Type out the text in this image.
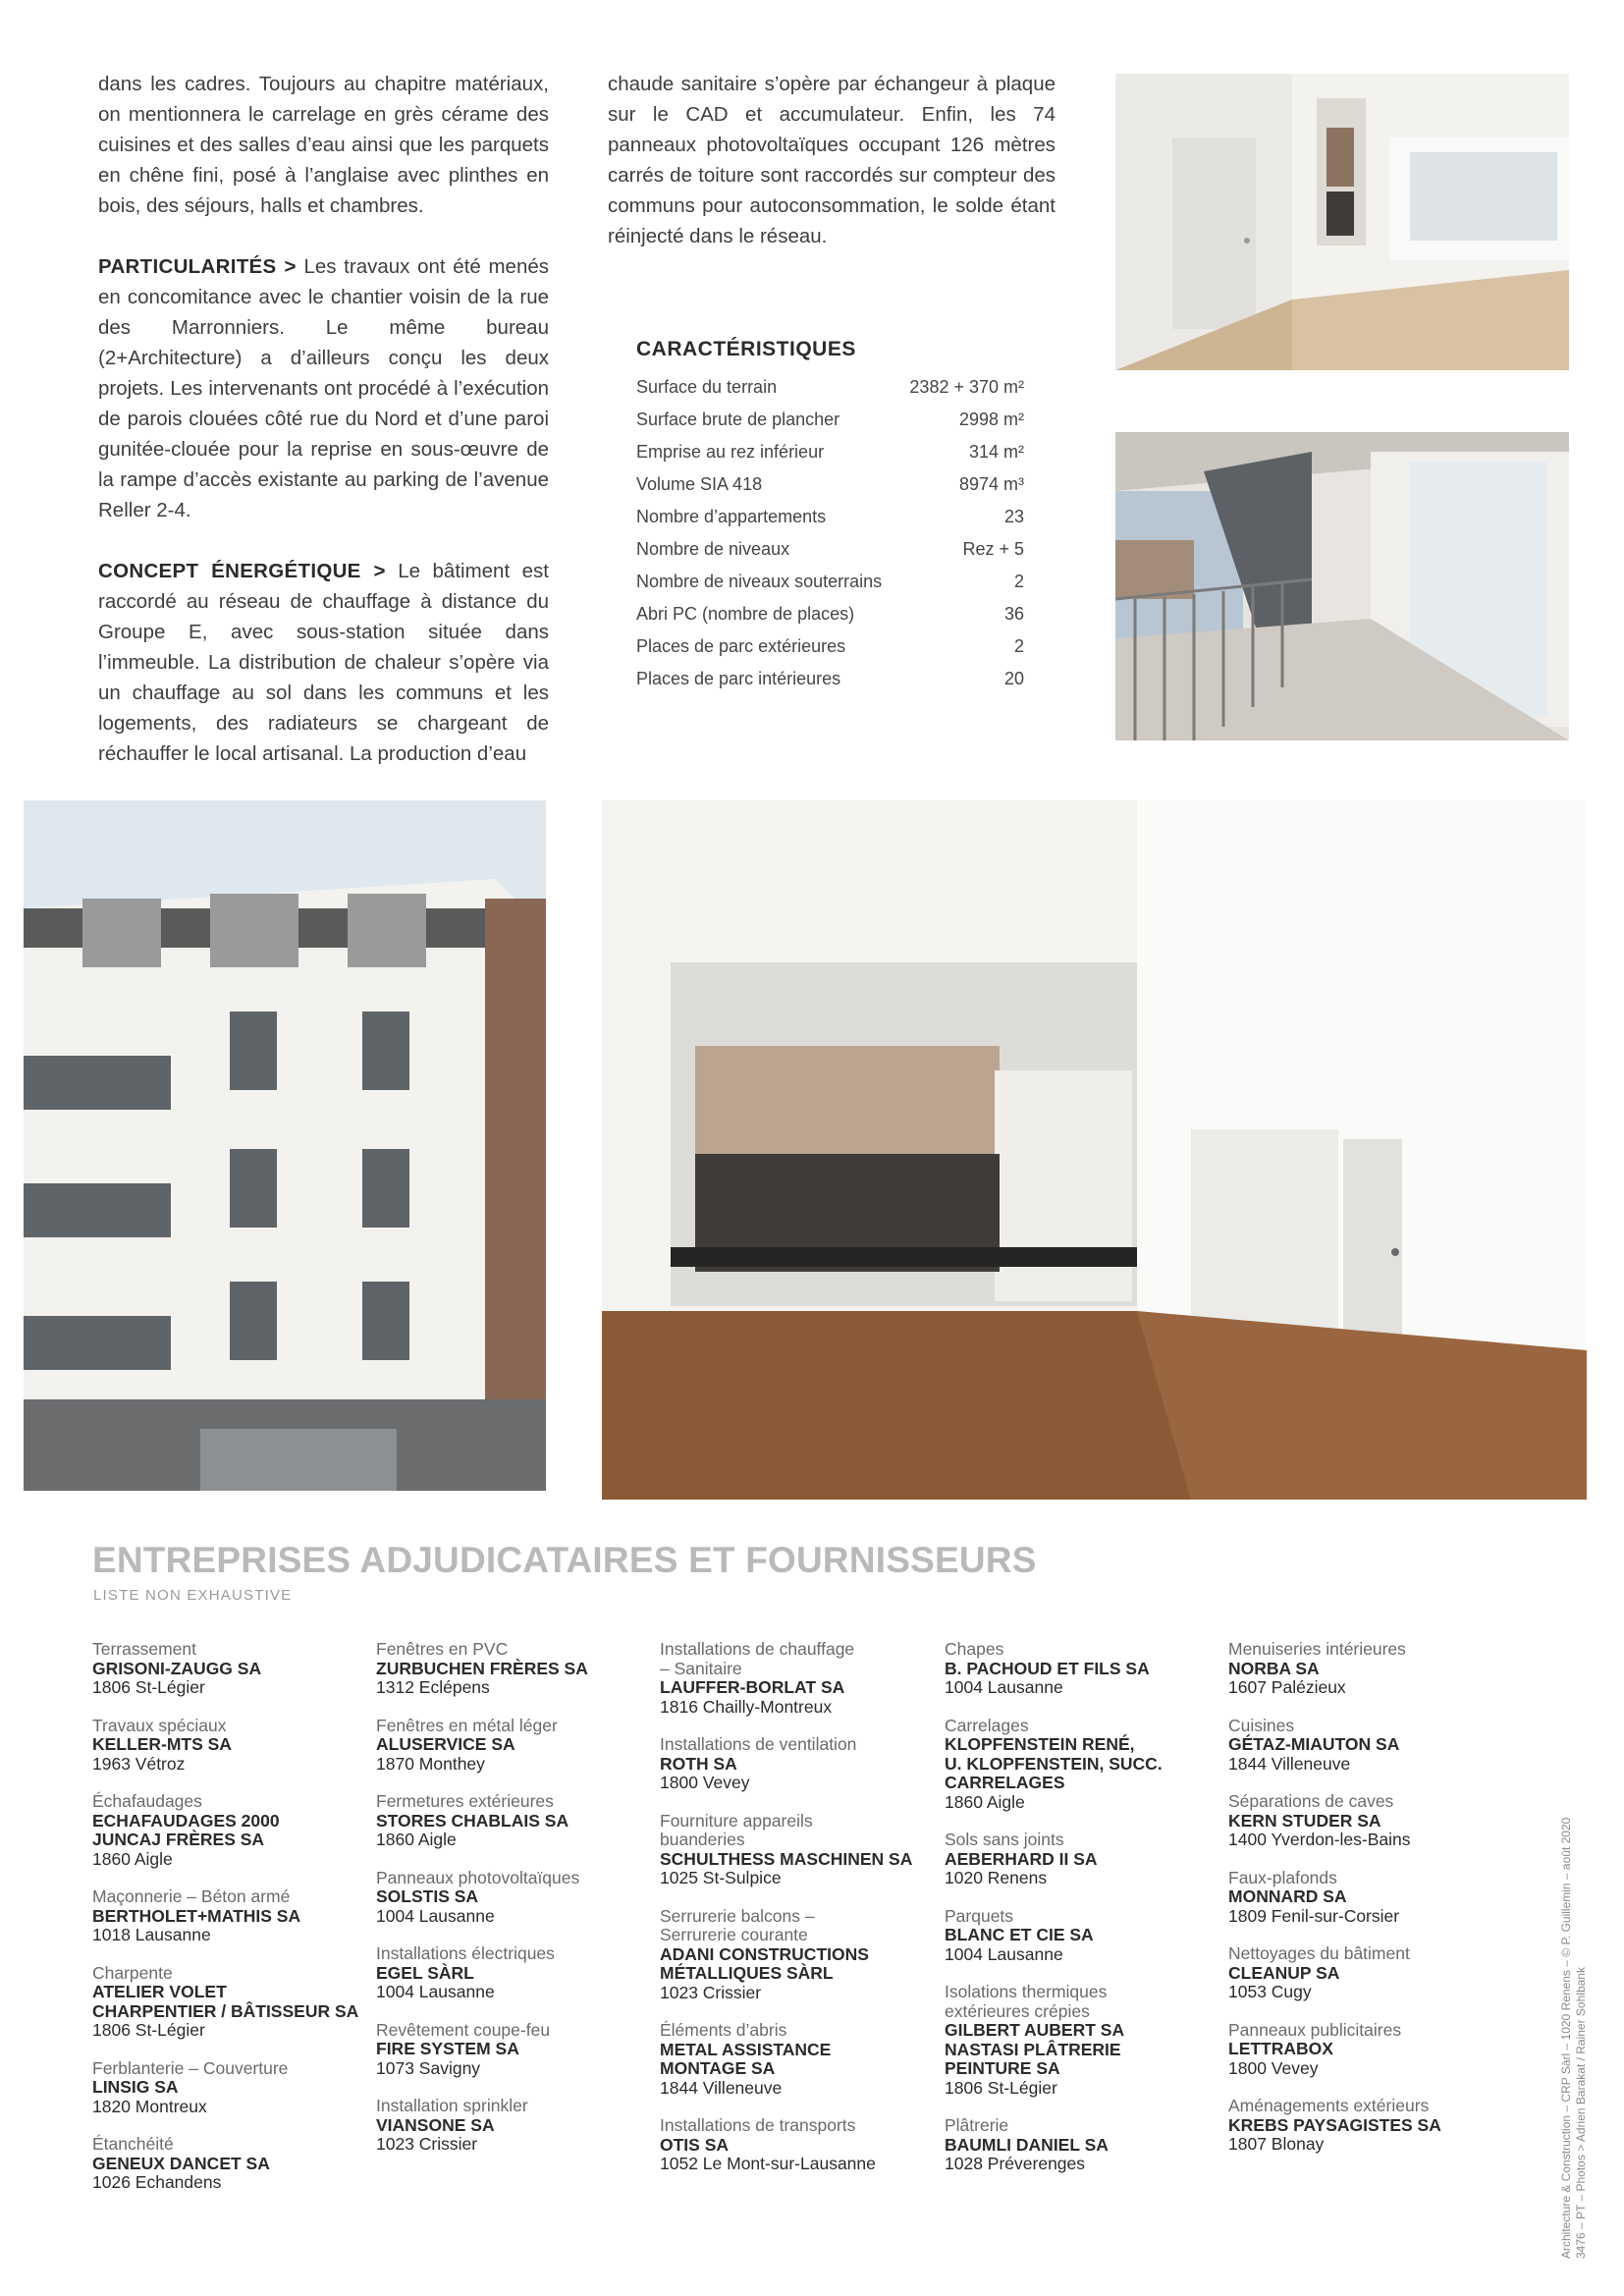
dans les cadres. Toujours au chapitre matériaux, on mentionnera le carrelage en grès cérame des cuisines et des salles d’eau ainsi que les parquets en chêne fini, posé à l’anglaise avec plinthes en bois, des séjours, halls et chambres.

PARTICULARITÉS > Les travaux ont été menés en concomitance avec le chantier voisin de la rue des Marronniers. Le même bureau (2+Architecture) a d’ailleurs conçu les deux projets. Les intervenants ont procédé à l’exécution de parois clouées côté rue du Nord et d’une paroi gunitée-clouée pour la reprise en sous-œuvre de la rampe d’accès existante au parking de l’avenue Reller 2-4.

CONCEPT ÉNERGÉTIQUE > Le bâtiment est raccordé au réseau de chauffage à distance du Groupe E, avec sous-station située dans l’immeuble. La distribution de chaleur s’opère via un chauffage au sol dans les communs et les logements, des radiateurs se chargeant de réchauffer le local artisanal. La production d’eau

chaude sanitaire s’opère par échangeur à plaque sur le CAD et accumulateur. Enfin, les 74 panneaux photovoltaïques occupant 126 mètres carrés de toiture sont raccordés sur compteur des communs pour autoconsommation, le solde étant réinjecté dans le réseau.

CARACTÉRISTIQUES
Surface du terrain	2382 + 370 m²
Surface brute de plancher	2998 m²
Emprise au rez inférieur	314 m²
Volume SIA 418	8974 m³
Nombre d’appartements	23
Nombre de niveaux	Rez + 5
Nombre de niveaux souterrains	2
Abri PC (nombre de places)	36
Places de parc extérieures	2
Places de parc intérieures	20
ENTREPRISES ADJUDICATAIRES ET FOURNISSEURS
LISTE NON EXHAUSTIVE
Terrassement
GRISONI-ZAUGG SA
1806 St-Légier
Travaux spéciaux
KELLER-MTS SA
1963 Vétroz
Échafaudages
ECHAFAUDAGES 2000
JUNCAJ FRÈRES SA
1860 Aigle
Maçonnerie – Béton armé
BERTHOLET+MATHIS SA
1018 Lausanne
Charpente
ATELIER VOLET
CHARPENTIER / BÂTISSEUR SA
1806 St-Légier
Ferblanterie – Couverture
LINSIG SA
1820 Montreux
Étanchéité
GENEUX DANCET SA
1026 Echandens
Fenêtres en PVC
ZURBUCHEN FRÈRES SA
1312 Eclépens
Fenêtres en métal léger
ALUSERVICE SA
1870 Monthey
Fermetures extérieures
STORES CHABLAIS SA
1860 Aigle
Panneaux photovoltaïques
SOLSTIS SA
1004 Lausanne
Installations électriques
EGEL SÀRL
1004 Lausanne
Revêtement coupe-feu
FIRE SYSTEM SA
1073 Savigny
Installation sprinkler
VIANSONE SA
1023 Crissier
Installations de chauffage
– Sanitaire
LAUFFER-BORLAT SA
1816 Chailly-Montreux
Installations de ventilation
ROTH SA
1800 Vevey
Fourniture appareils
buanderies
SCHULTHESS MASCHINEN SA
1025 St-Sulpice
Serrurerie balcons –
Serrurerie courante
ADANI CONSTRUCTIONS
MÉTALLIQUES SÀRL
1023 Crissier
Éléments d’abris
METAL ASSISTANCE
MONTAGE SA
1844 Villeneuve
Installations de transports
OTIS SA
1052 Le Mont-sur-Lausanne
Chapes
B. PACHOUD ET FILS SA
1004 Lausanne
Carrelages
KLOPFENSTEIN RENÉ,
U. KLOPFENSTEIN, SUCC.
CARRELAGES
1860 Aigle
Sols sans joints
AEBERHARD II SA
1020 Renens
Parquets
BLANC ET CIE SA
1004 Lausanne
Isolations thermiques
extérieures crépies
GILBERT AUBERT SA
NASTASI PLÂTRERIE
PEINTURE SA
1806 St-Légier
Plâtrerie
BAUMLI DANIEL SA
1028 Préverenges
Menuiseries intérieures
NORBA SA
1607 Palézieux
Cuisines
GÉTAZ-MIAUTON SA
1844 Villeneuve
Séparations de caves
KERN STUDER SA
1400 Yverdon-les-Bains
Faux-plafonds
MONNARD SA
1809 Fenil-sur-Corsier
Nettoyages du bâtiment
CLEANUP SA
1053 Cugy
Panneaux publicitaires
LETTRABOX
1800 Vevey
Aménagements extérieurs
KREBS PAYSAGISTES SA
1807 Blonay	Architecture & Construction – CRP Sàrl – 1020 Renens – © P. Guillemin – août 2020 3476 – PT – Photos > Adrien Barakat / Rainer Sohlbank
